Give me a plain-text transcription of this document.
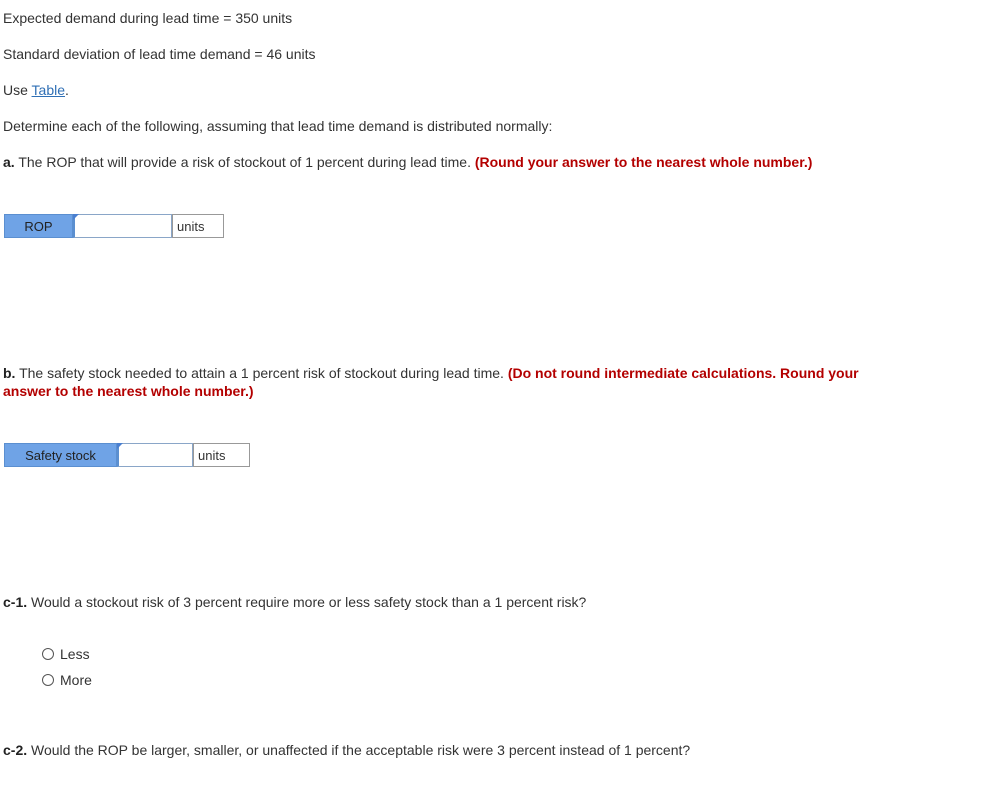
Expected demand during lead time = 350 units
Standard deviation of lead time demand = 46 units
Use Table.
Determine each of the following, assuming that lead time demand is distributed normally:
a. The ROP that will provide a risk of stockout of 1 percent during lead time. (Round your answer to the nearest whole number.)
ROP	units
b. The safety stock needed to attain a 1 percent risk of stockout during lead time. (Do not round intermediate calculations. Round your
answer to the nearest whole number.)
Safety stock	units
c-1. Would a stockout risk of 3 percent require more or less safety stock than a 1 percent risk?
Less
More
c-2. Would the ROP be larger, smaller, or unaffected if the acceptable risk were 3 percent instead of 1 percent?
